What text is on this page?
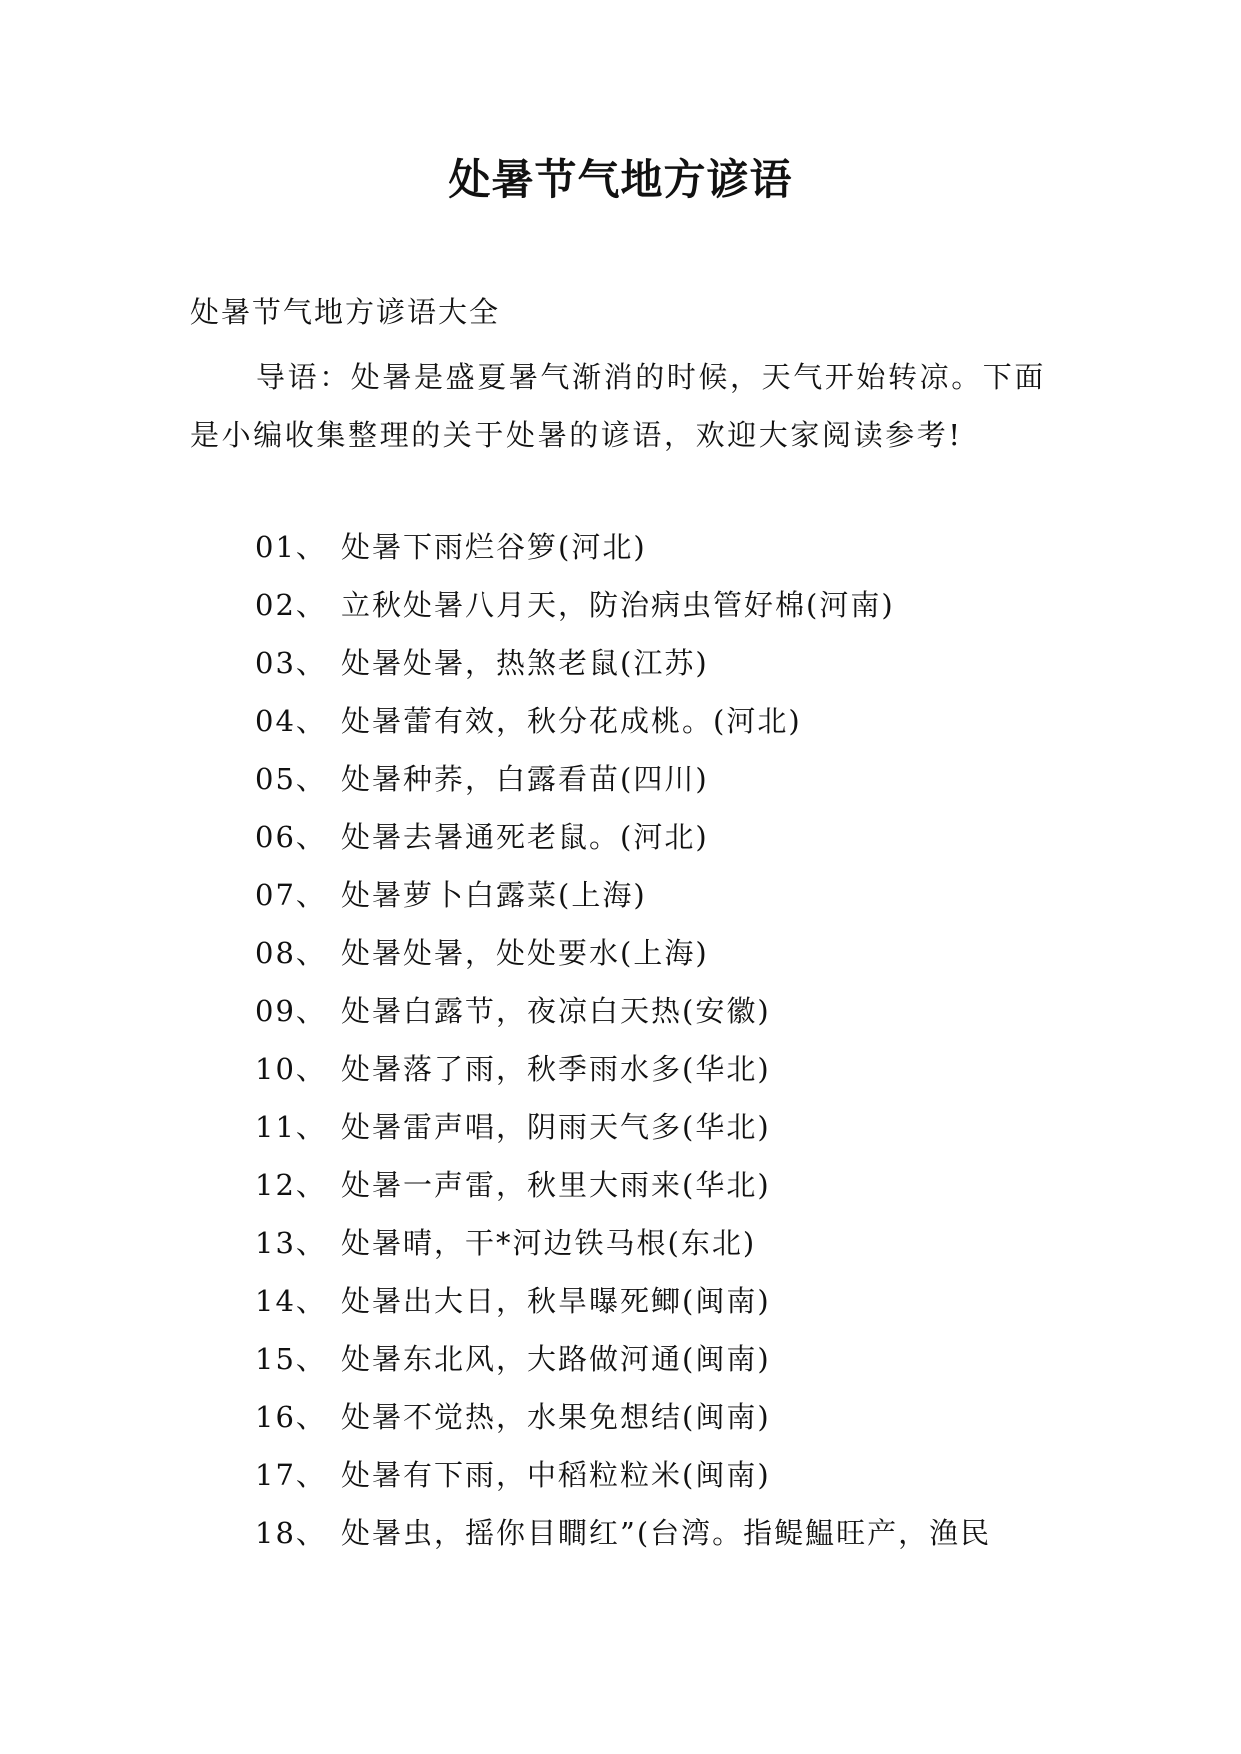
处暑节气地方谚语
处暑节气地方谚语大全
导语：处暑是盛夏暑气渐消的时候，天气开始转凉。下面是小编收集整理的关于处暑的谚语，欢迎大家阅读参考!
01、 处暑下雨烂谷箩(河北)
02、 立秋处暑八月天，防治病虫管好棉(河南)
03、 处暑处暑，热煞老鼠(江苏)
04、 处暑蕾有效，秋分花成桃。(河北)
05、 处暑种荞，白露看苗(四川)
06、 处暑去暑通死老鼠。(河北)
07、 处暑萝卜白露菜(上海)
08、 处暑处暑，处处要水(上海)
09、 处暑白露节，夜凉白天热(安徽)
10、 处暑落了雨，秋季雨水多(华北)
11、 处暑雷声唱，阴雨天气多(华北)
12、 处暑一声雷，秋里大雨来(华北)
13、 处暑晴，干*河边铁马根(东北)
14、 处暑出大日，秋旱曝死鲫(闽南)
15、 处暑东北风，大路做河通(闽南)
16、 处暑不觉热，水果免想结(闽南)
17、 处暑有下雨，中稻粒粒米(闽南)
18、 处暑虫，摇你目瞷红”(台湾。指鳀鰛旺产，渔民
